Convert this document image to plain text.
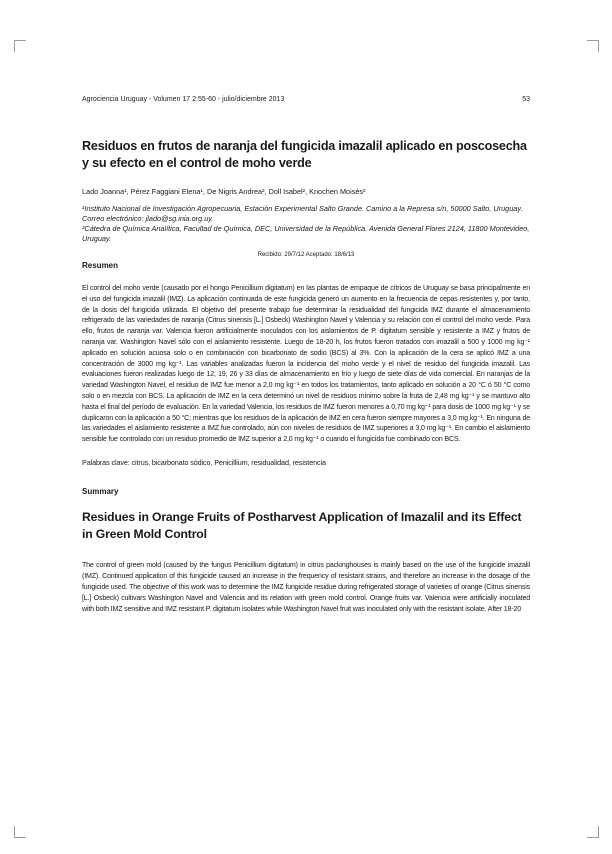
Agrociencia Uruguay - Volumen 17 2:55-60 - julio/diciembre 2013	53
Residuos en frutos de naranja del fungicida imazalil aplicado en poscosecha y su efecto en el control de moho verde
Lado Joanna¹, Pérez Faggiani Elena¹, De Nigris Andrea², Doll Isabel², Knochen Moisés²
¹Instituto Nacional de Investigación Agropecuaria, Estación Experimental Salto Grande. Camino a la Represa s/n, 50000 Salto, Uruguay. Correo electrónico: jlado@sg.inia.org.uy.
²Cátedra de Química Analítica, Facultad de Química, DEC, Universidad de la República. Avenida General Flores 2124, 11800 Montevideo, Uruguay.
Recibido: 29/7/12 Aceptado: 18/6/13
Resumen
El control del moho verde (causado por el hongo Penicillium digitatum) en las plantas de empaque de cítricos de Uruguay se basa principalmente en el uso del fungicida imazalil (IMZ). La aplicación continuada de este fungicida generó un aumento en la frecuencia de cepas resistentes y, por tanto, de la dosis del fungicida utilizada. El objetivo del presente trabajo fue determinar la residualidad del fungicida IMZ durante el almacenamiento refrigerado de las variedades de naranja (Citrus sinensis [L.] Osbeck) Washington Navel y Valencia y su relación con el control del moho verde. Para ello, frutos de naranja var. Valencia fueron artificialmente inoculados con los aislamientos de P. digitatum sensible y resistente a IMZ y frutos de naranja var. Washington Navel sólo con el aislamiento resistente. Luego de 18-20 h, los frutos fueron tratados con imazalil a 500 y 1000 mg kg⁻¹ aplicado en solución acuosa solo o en combinación con bicarbonato de sodio (BCS) al 3%. Con la aplicación de la cera se aplicó IMZ a una concentración de 3000 mg kg⁻¹. Las variables analizadas fueron la incidencia del moho verde y el nivel de residuo del fungicida imazalil. Las evaluaciones fueron realizadas luego de 12, 19, 26 y 33 días de almacenamiento en frío y luego de siete días de vida comercial. En naranjas de la variedad Washington Navel, el residuo de IMZ fue menor a 2,0 mg kg⁻¹ en todos los tratamientos, tanto aplicado en solución a 20 °C ó 50 °C como solo o en mezcla con BCS. La aplicación de IMZ en la cera determinó un nivel de residuos mínimo sobre la fruta de 2,48 mg kg⁻¹ y se mantuvo alto hasta el final del período de evaluación. En la variedad Valencia, los residuos de IMZ fueron menores a 0,70 mg kg⁻¹ para dosis de 1000 mg kg⁻¹ y se duplicaron con la aplicación a 50 °C; mientras que los residuos de la aplicación de IMZ en cera fueron siempre mayores a 3,0 mg kg⁻¹. En ninguna de las variedades el aislamiento resistente a IMZ fue controlado, aún con niveles de residuos de IMZ superiores a 3,0 mg kg⁻¹. En cambio el aislamiento sensible fue controlado con un residuo promedio de IMZ superior a 2,0 mg kg⁻¹ o cuando el fungicida fue combinado con BCS.
Palabras clave: citrus, bicarbonato sódico, Penicillium, residualidad, resistencia
Summary
Residues in Orange Fruits of Postharvest Application of Imazalil and its Effect in Green Mold Control
The control of green mold (caused by the fungus Penicillium digitatum) in citrus packinghouses is mainly based on the use of the fungicide imazalil (IMZ). Continued application of this fungicide caused an increase in the frequency of resistant strains, and therefore an increase in the dosage of the fungicide used. The objective of this work was to determine the IMZ fungicide residue during refrigerated storage of varieties of orange (Citrus sinensis [L.] Osbeck) cultivars Washington Navel and Valencia and its relation with green mold control. Orange fruits var. Valencia were artificially inoculated with both IMZ sensitive and IMZ resistant P. digitatum isolates while Washington Navel fruit was inoculated only with the resistant isolate. After 18-20
